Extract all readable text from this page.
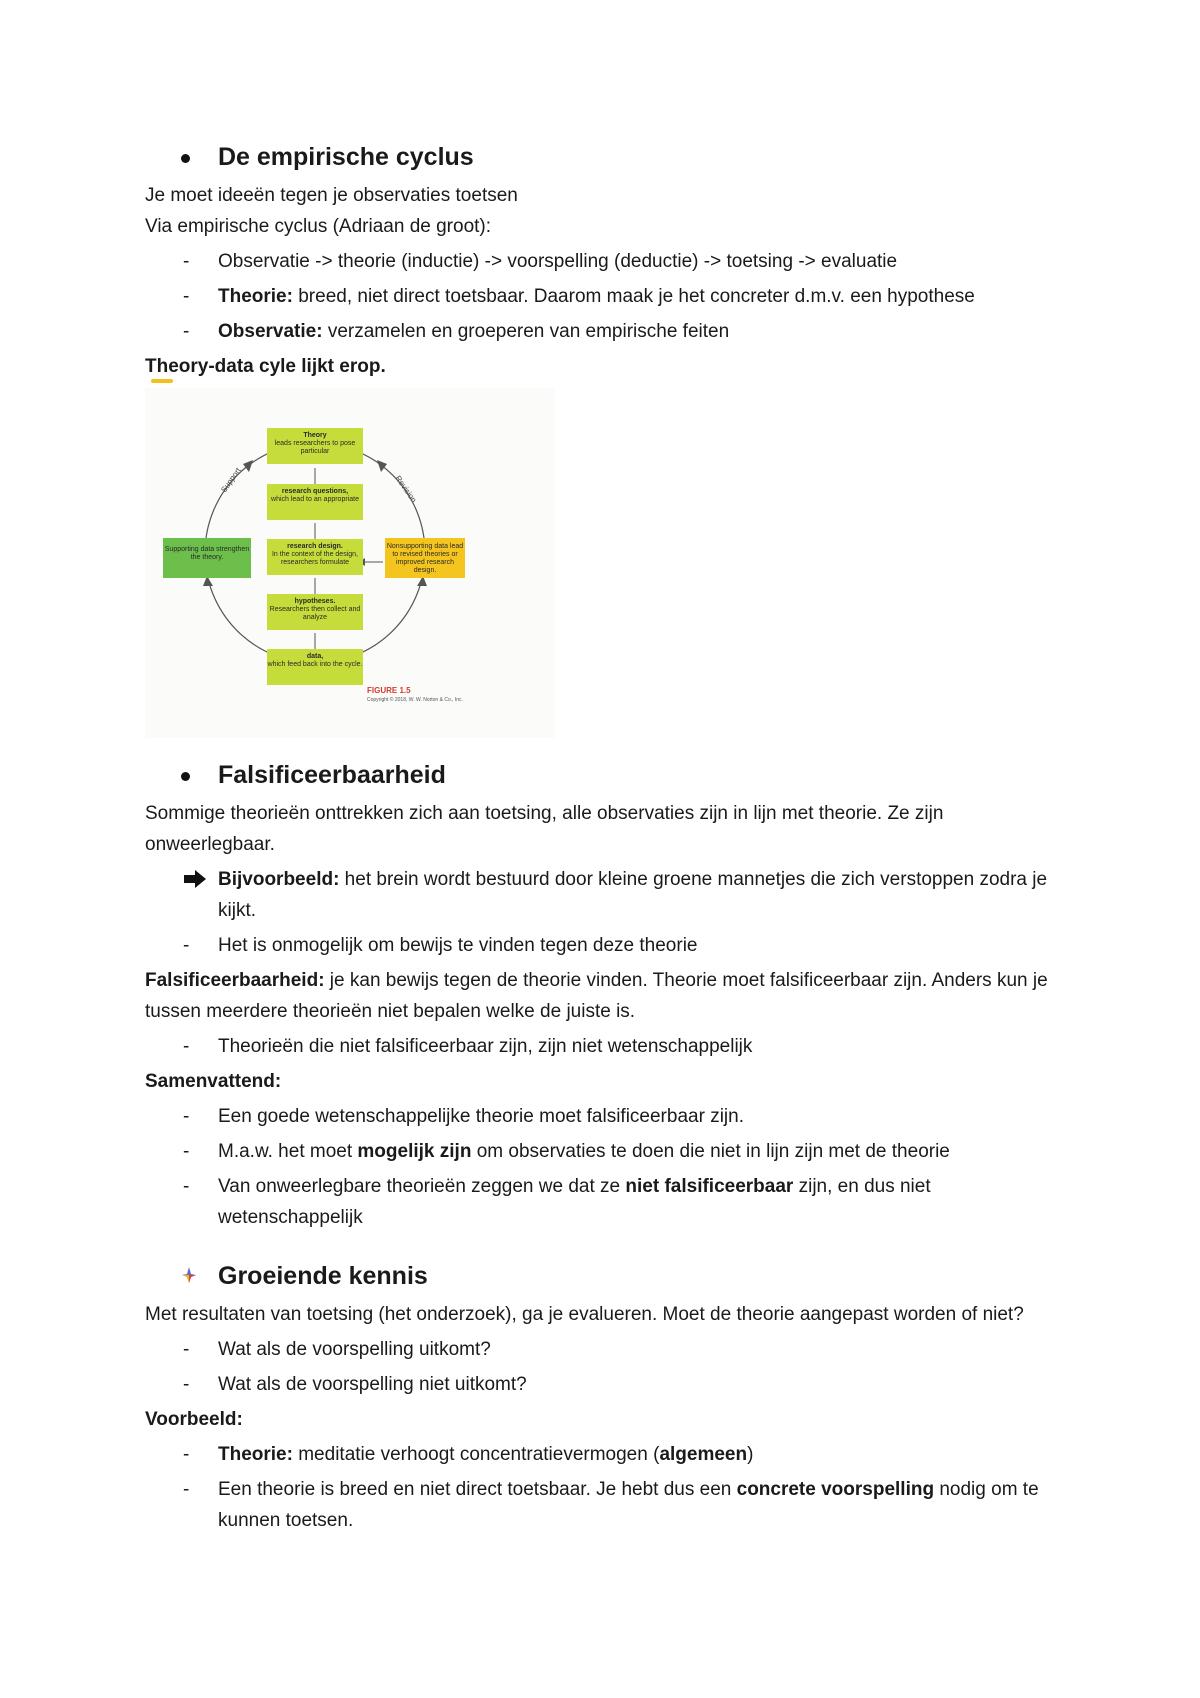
De empirische cyclus

Je moet ideeën tegen je observaties toetsen

Via empirische cyclus (Adriaan de groot):

- Observatie -> theorie (inductie) -> voorspelling (deductie) -> toetsing -> evaluatie
- Theorie: breed, niet direct toetsbaar. Daarom maak je het concreter d.m.v. een hypothese
- Observatie: verzamelen en groeperen van empirische feiten

Theory-data cyle lijkt erop.

Support	Revision
FIGURE 1.5
Copyright © 2018, W. W. Norton & Co., Inc.
Theory
leads researchers to pose particular
research questions,
which lead to an appropriate
research design.
In the context of the design, researchers formulate
hypotheses.
Researchers then collect and analyze
data,
which feed back into the cycle.
Supporting data strengthen the theory.
Nonsupporting data lead to revised theories or improved research design.
Falsificeerbaarheid

Sommige theorieën onttrekken zich aan toetsing, alle observaties zijn in lijn met theorie. Ze zijn onweerlegbaar.

Bijvoorbeeld: het brein wordt bestuurd door kleine groene mannetjes die zich verstoppen zodra je kijkt.
- Het is onmogelijk om bewijs te vinden tegen deze theorie

Falsificeerbaarheid: je kan bewijs tegen de theorie vinden. Theorie moet falsificeerbaar zijn. Anders kun je tussen meerdere theorieën niet bepalen welke de juiste is.

- Theorieën die niet falsificeerbaar zijn, zijn niet wetenschappelijk

Samenvattend:

- Een goede wetenschappelijke theorie moet falsificeerbaar zijn.
- M.a.w. het moet mogelijk zijn om observaties te doen die niet in lijn zijn met de theorie
- Van onweerlegbare theorieën zeggen we dat ze niet falsificeerbaar zijn, en dus niet wetenschappelijk
Groeiende kennis

Met resultaten van toetsing (het onderzoek), ga je evalueren. Moet de theorie aangepast worden of niet?

- Wat als de voorspelling uitkomt?
- Wat als de voorspelling niet uitkomt?

Voorbeeld:

- Theorie: meditatie verhoogt concentratievermogen (algemeen)
- Een theorie is breed en niet direct toetsbaar. Je hebt dus een concrete voorspelling nodig om te kunnen toetsen.
